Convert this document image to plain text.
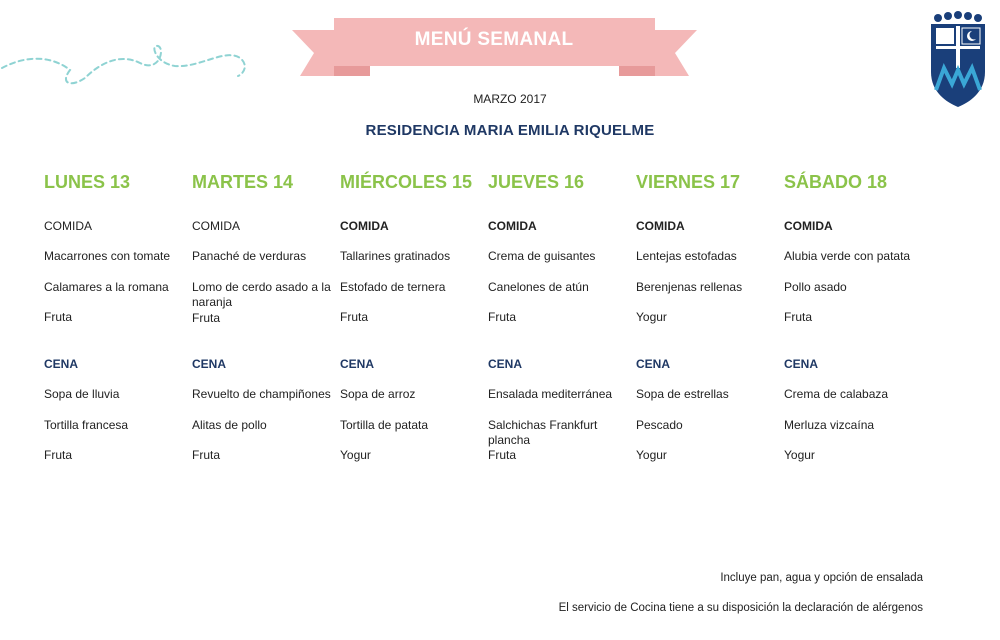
MENÚ SEMANAL
MARZO 2017
RESIDENCIA MARIA EMILIA RIQUELME
LUNES 13
COMIDA
Macarrones con tomate
Calamares a la romana
Fruta
CENA
Sopa de lluvia
Tortilla francesa
Fruta
MARTES 14
COMIDA
Panaché de verduras
Lomo de cerdo asado a la naranja
Fruta
CENA
Revuelto de champiñones
Alitas de pollo
Fruta
MIÉRCOLES 15
COMIDA
Tallarines gratinados
Estofado de ternera
Fruta
CENA
Sopa de arroz
Tortilla de patata
Yogur
JUEVES 16
COMIDA
Crema de guisantes
Canelones de atún
Fruta
CENA
Ensalada mediterránea
Salchichas Frankfurt plancha
Fruta
VIERNES 17
COMIDA
Lentejas estofadas
Berenjenas rellenas
Yogur
CENA
Sopa de estrellas
Pescado
Yogur
SÁBADO 18
COMIDA
Alubia verde con patata
Pollo asado
Fruta
CENA
Crema de calabaza
Merluza vizcaína
Yogur
Incluye pan, agua y opción de ensalada
El servicio de Cocina tiene a su disposición la declaración de alérgenos
